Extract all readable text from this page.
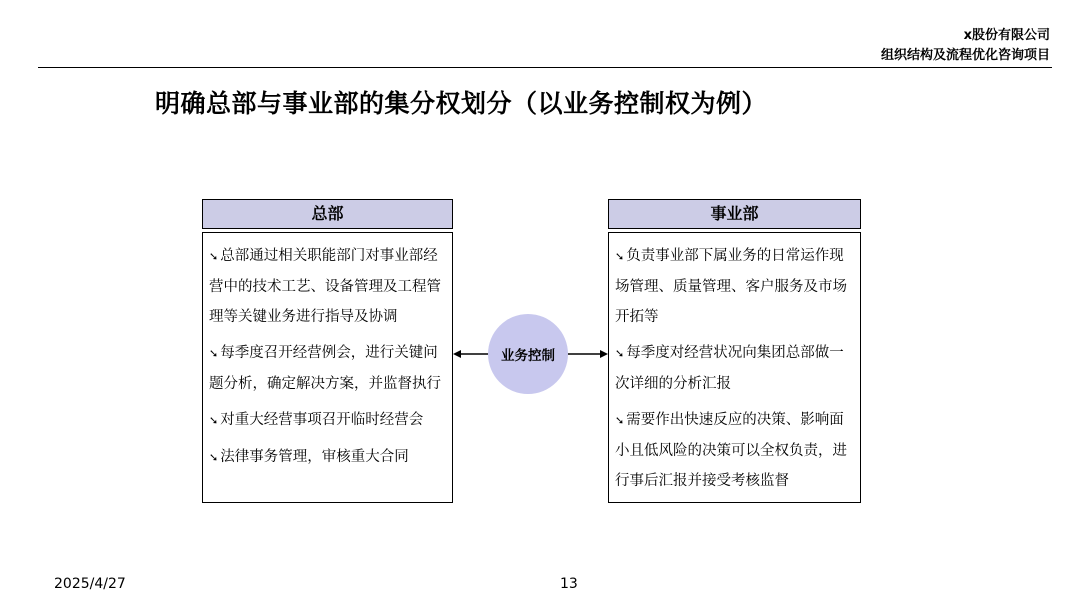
x股份有限公司
组织结构及流程优化咨询项目
明确总部与事业部的集分权划分（以业务控制权为例）
总部
➘ 总部通过相关职能部门对事业部经营中的技术工艺、设备管理及工程管理等关键业务进行指导及协调
➘ 每季度召开经营例会，进行关键问题分析，确定解决方案，并监督执行
➘ 对重大经营事项召开临时经营会
➘ 法律事务管理，审核重大合同
业务控制
事业部
➘ 负责事业部下属业务的日常运作现场管理、质量管理、客户服务及市场开拓等
➘ 每季度对经营状况向集团总部做一次详细的分析汇报
➘ 需要作出快速反应的决策、影响面小且低风险的决策可以全权负责，进行事后汇报并接受考核监督
2025/4/27	13
